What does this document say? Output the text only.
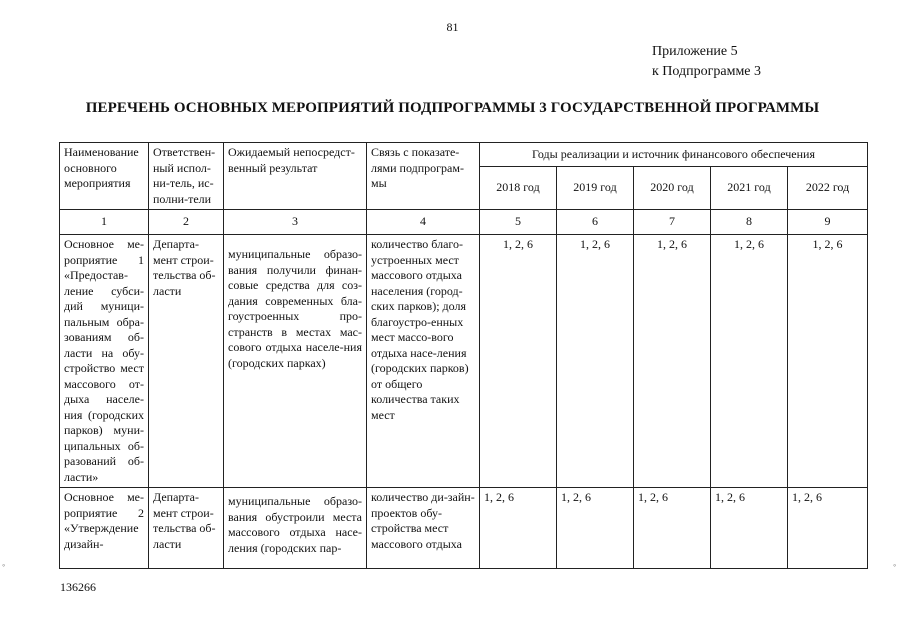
81
Приложение 5
к Подпрограмме 3
ПЕРЕЧЕНЬ ОСНОВНЫХ МЕРОПРИЯТИЙ ПОДПРОГРАММЫ 3 ГОСУДАРСТВЕННОЙ ПРОГРАММЫ
Наименование основного мероприятия	Ответствен-ный испол-ни-тель, ис-полни-тели	Ожидаемый непосредст-венный результат	Связь с показате-лями подпрограм-мы	Годы реализации и источник финансового обеспечения				
				2018 год	2019 год	2020 год	2021 год	2022 год
1	2	3	4	5	6	7	8	9
Основное ме-роприятие 1 «Предостав-ление субси-дий муници-пальным обра-зованиям об-ласти на обу-стройство мест массового от-дыха населе-ния (городских парков) муни-ципальных об-разований об-ласти»	Департа-мент строи-тельства об-ласти	муниципальные образо-вания получили финан-совые средства для соз-дания современных бла-гоустроенных про-странств в местах мас-сового отдыха населе-ния (городских парках)	количество благо-устроенных мест массового отдыха населения (город-ских парков); доля благоустро-енных мест массо-вого отдыха насе-ления (городских парков) от общего количества таких мест	1, 2, 6	1, 2, 6	1, 2, 6	1, 2, 6	1, 2, 6
Основное ме-роприятие 2 «Утверждение дизайн-	Департа-мент строи-тельства об-ласти	муниципальные образо-вания обустроили места массового отдыха насе-ления (городских пар-	количество ди-зайн-проектов обу-стройства мест массового отдыха	1, 2, 6	1, 2, 6	1, 2, 6	1, 2, 6	1, 2, 6
136266
◦	◦
